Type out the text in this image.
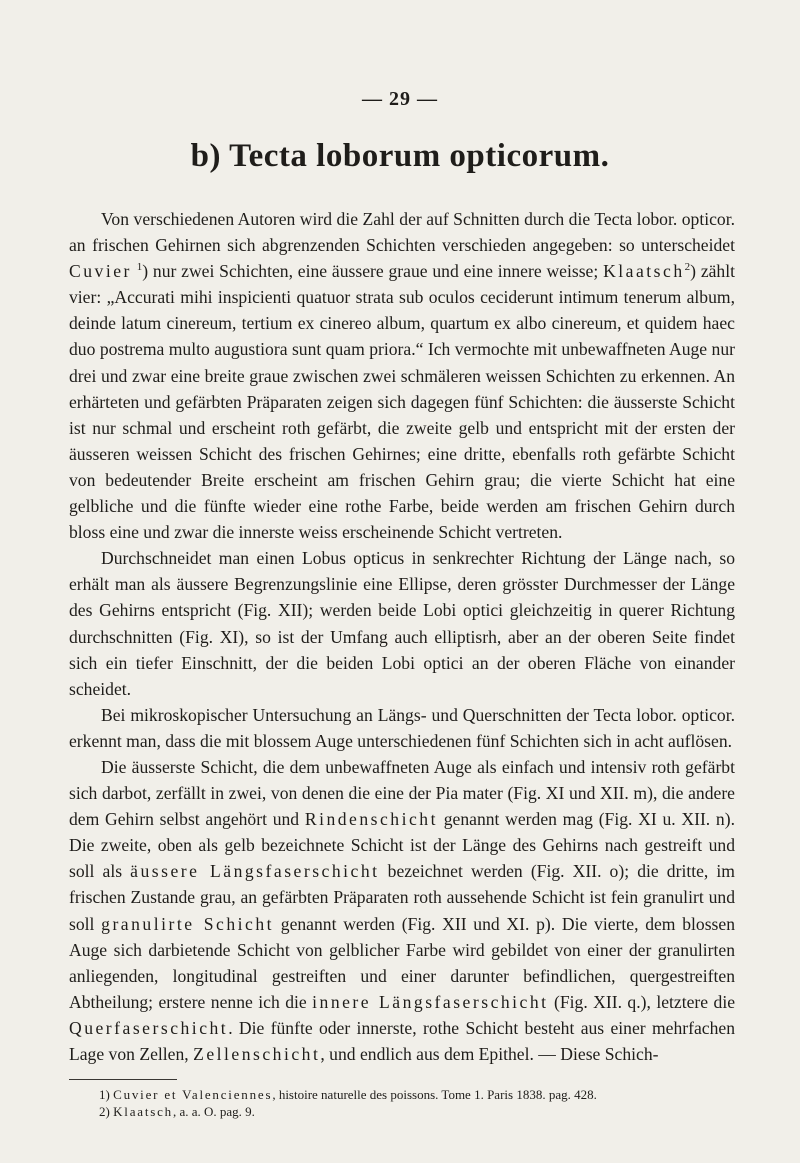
— 29 —
b) Tecta loborum opticorum.

Von verschiedenen Autoren wird die Zahl der auf Schnitten durch die Tecta lobor. opticor. an frischen Gehirnen sich abgrenzenden Schichten verschieden angegeben: so unterscheidet Cuvier $^1$) nur zwei Schichten, eine äussere graue und eine innere weisse; Klaatsch$^2$) zählt vier: „Accurati mihi inspicienti quatuor strata sub oculos ceciderunt intimum tenerum album, deinde latum cinereum, tertium ex cinereo album, quartum ex albo cinereum, et quidem haec duo postrema multo augustiora sunt quam priora.“ Ich vermochte mit unbewaffneten Auge nur drei und zwar eine breite graue zwischen zwei schmäleren weissen Schichten zu erkennen. An erhärteten und gefärbten Präparaten zeigen sich dagegen fünf Schichten: die äusserste Schicht ist nur schmal und erscheint roth gefärbt, die zweite gelb und entspricht mit der ersten der äusseren weissen Schicht des frischen Gehirnes; eine dritte, ebenfalls roth gefärbte Schicht von bedeutender Breite erscheint am frischen Gehirn grau; die vierte Schicht hat eine gelbliche und die fünfte wieder eine rothe Farbe, beide werden am frischen Gehirn durch bloss eine und zwar die innerste weiss erscheinende Schicht vertreten.

Durchschneidet man einen Lobus opticus in senkrechter Richtung der Länge nach, so erhält man als äussere Begrenzungslinie eine Ellipse, deren grösster Durchmesser der Länge des Gehirns entspricht (Fig. XII); werden beide Lobi optici gleichzeitig in querer Richtung durchschnitten (Fig. XI), so ist der Umfang auch elliptisrh, aber an der oberen Seite findet sich ein tiefer Einschnitt, der die beiden Lobi optici an der oberen Fläche von einander scheidet.

Bei mikroskopischer Untersuchung an Längs- und Querschnitten der Tecta lobor. opticor. erkennt man, dass die mit blossem Auge unterschiedenen fünf Schichten sich in acht auflösen.

Die äusserste Schicht, die dem unbewaffneten Auge als einfach und intensiv roth gefärbt sich darbot, zerfällt in zwei, von denen die eine der Pia mater (Fig. XI und XII. m), die andere dem Gehirn selbst angehört und Rindenschicht genannt werden mag (Fig. XI u. XII. n). Die zweite, oben als gelb bezeichnete Schicht ist der Länge des Gehirns nach gestreift und soll als äussere Längsfaserschicht bezeichnet werden (Fig. XII. o); die dritte, im frischen Zustande grau, an gefärbten Präparaten roth aussehende Schicht ist fein granulirt und soll granulirte Schicht genannt werden (Fig. XII und XI. p). Die vierte, dem blossen Auge sich darbietende Schicht von gelblicher Farbe wird gebildet von einer der granulirten anliegenden, longitudinal gestreiften und einer darunter befindlichen, quergestreiften Abtheilung; erstere nenne ich die innere Längsfaserschicht (Fig. XII. q.), letztere die Querfaserschicht. Die fünfte oder innerste, rothe Schicht besteht aus einer mehrfachen Lage von Zellen, Zellenschicht, und endlich aus dem Epithel. — Diese Schich-

1) Cuvier et Valenciennes, histoire naturelle des poissons. Tome 1. Paris 1838. pag. 428.
2) Klaatsch, a. a. O. pag. 9.
